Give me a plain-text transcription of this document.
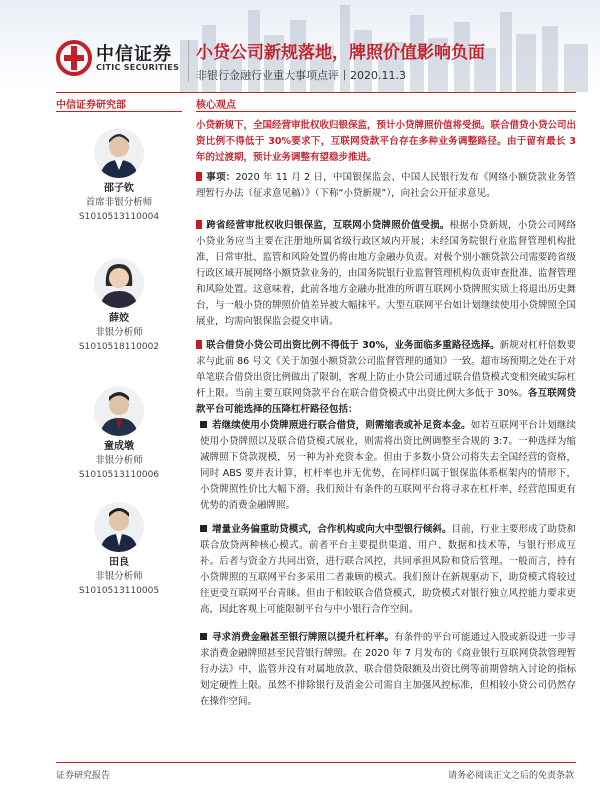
中信证券
CITIC SECURITIES
小贷公司新规落地，牌照价值影响负面
非银行金融行业重大事项点评丨2020.11.3
中信证券研究部
邵子钦
首席非银分析师
S1010513110004
薛姣
非银分析师
S1010518110002
童成墩
非银分析师
S1010513110006
田良
非银分析师
S1010513110005
核心观点
小贷新规下，全国经营审批权收归银保监，预计小贷牌照价值将受损。联合借贷小贷公司出资比例不得低于 30%要求下，互联网贷款平台存在多种业务调整路径。由于留有最长 3 年的过渡期，预计业务调整有望稳步推进。
事项：2020 年 11 月 2 日，中国银保监会、中国人民银行发布《网络小额贷款业务管理暂行办法（征求意见稿）》（下称“小贷新规”），向社会公开征求意见。
跨省经营审批权收归银保监，互联网小贷牌照价值受损。根据小贷新规，小贷公司网络小贷业务应当主要在注册地所属省级行政区域内开展；未经国务院银行业监督管理机构批准，日常审批、监管和风险处置仍将由地方金融办负责。对极个别小额贷款公司需要跨省级行政区域开展网络小额贷款业务的，由国务院银行业监督管理机构负责审查批准、监督管理和风险处置。这意味着，此前各地方金融办批准的所谓互联网小贷牌照实质上将退出历史舞台，与一般小贷的牌照价值差异被大幅抹平。大型互联网平台如计划继续使用小贷牌照全国展业，均需向银保监会提交申请。
联合借贷小贷公司出资比例不得低于 30%，业务面临多重路径选择。新规对杠杆倍数要求与此前 86 号文《关于加强小额贷款公司监督管理的通知》一致。超市场预期之处在于对单笔联合借贷出资比例做出了限制，客观上防止小贷公司通过联合借贷模式变相突破实际杠杆上限。当前主要互联网贷款平台在联合借贷模式中出资比例大多低于 30%。各互联网贷款平台可能选择的压降杠杆路径包括：
若继续使用小贷牌照进行联合借贷，则需缩表或补足资本金。如若互联网平台计划继续使用小贷牌照以及联合借贷模式展业，则需将出资比例调整至合规的 3:7。一种选择为缩减牌照下贷款规模，另一种为补充资本金。但由于多数小贷公司将失去全国经营的资格，同时 ABS 要并表计算，杠杆率也并无优势，在同样归属于银保监体系框架内的情形下，小贷牌照性价比大幅下滑。我们预计有条件的互联网平台将寻求在杠杆率、经营范围更有优势的消费金融牌照。
增量业务偏重助贷模式，合作机构或向大中型银行倾斜。目前，行业主要形成了助贷和联合放贷两种核心模式。前者平台主要提供渠道、用户、数据和技术等，与银行形成互补。后者与资金方共同出资，进行联合风控，共同承担风险和贷后管理。一般而言，持有小贷牌照的互联网平台多采用二者兼顾的模式。我们预计在新规驱动下，助贷模式将较过往更受互联网平台青睐。但由于相较联合借贷模式，助贷模式对银行独立风控能力要求更高，因此客观上可能限制平台与中小银行合作空间。
寻求消费金融甚至银行牌照以提升杠杆率。有条件的平台可能通过入股或新设进一步寻求消费金融牌照甚至民营银行牌照。在 2020 年 7 月发布的《商业银行互联网贷款管理暂行办法》中，监管并没有对属地放款、联合借贷限额及出资比例等前期曾纳入讨论的指标划定硬性上限。虽然不排除银行及消金公司需自主加强风控标准，但相较小贷公司仍然存在操作空间。
证券研究报告	请务必阅读正文之后的免责条款
